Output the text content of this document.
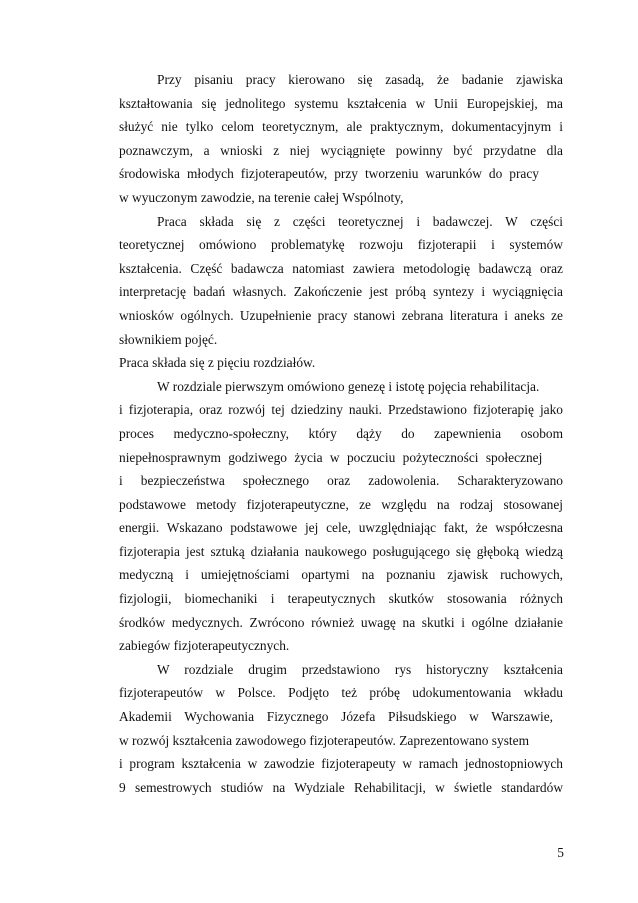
Przy pisaniu pracy kierowano się zasadą, że badanie zjawiska
kształtowania się jednolitego systemu kształcenia w Unii Europejskiej, ma
służyć nie tylko celom teoretycznym, ale praktycznym, dokumentacyjnym i
poznawczym, a wnioski z niej wyciągnięte powinny być przydatne dla
środowiska młodych fizjoterapeutów, przy tworzeniu warunków do pracy
w wyuczonym zawodzie, na terenie całej Wspólnoty,
Praca składa się z części teoretycznej i badawczej. W części
teoretycznej omówiono problematykę rozwoju fizjoterapii i systemów
kształcenia. Część badawcza natomiast zawiera metodologię badawczą oraz
interpretację badań własnych. Zakończenie jest próbą syntezy i wyciągnięcia
wniosków ogólnych. Uzupełnienie pracy stanowi zebrana literatura i aneks ze
słownikiem pojęć.
Praca składa się z pięciu rozdziałów.
W rozdziale pierwszym omówiono genezę i istotę pojęcia rehabilitacja.
i fizjoterapia, oraz rozwój tej dziedziny nauki. Przedstawiono fizjoterapię jako
proces medyczno-społeczny, który dąży do zapewnienia osobom
niepełnosprawnym godziwego życia w poczuciu pożyteczności społecznej
i bezpieczeństwa społecznego oraz zadowolenia. Scharakteryzowano
podstawowe metody fizjoterapeutyczne, ze względu na rodzaj stosowanej
energii. Wskazano podstawowe jej cele, uwzględniając fakt, że współczesna
fizjoterapia jest sztuką działania naukowego posługującego się głęboką wiedzą
medyczną i umiejętnościami opartymi na poznaniu zjawisk ruchowych,
fizjologii, biomechaniki i terapeutycznych skutków stosowania różnych
środków medycznych. Zwrócono również uwagę na skutki i ogólne działanie
zabiegów fizjoterapeutycznych.
W rozdziale drugim przedstawiono rys historyczny kształcenia
fizjoterapeutów w Polsce. Podjęto też próbę udokumentowania wkładu
Akademii Wychowania Fizycznego Józefa Piłsudskiego w Warszawie,
w rozwój kształcenia zawodowego fizjoterapeutów. Zaprezentowano system
i program kształcenia w zawodzie fizjoterapeuty w ramach jednostopniowych
9 semestrowych studiów na Wydziale Rehabilitacji, w świetle standardów
5
